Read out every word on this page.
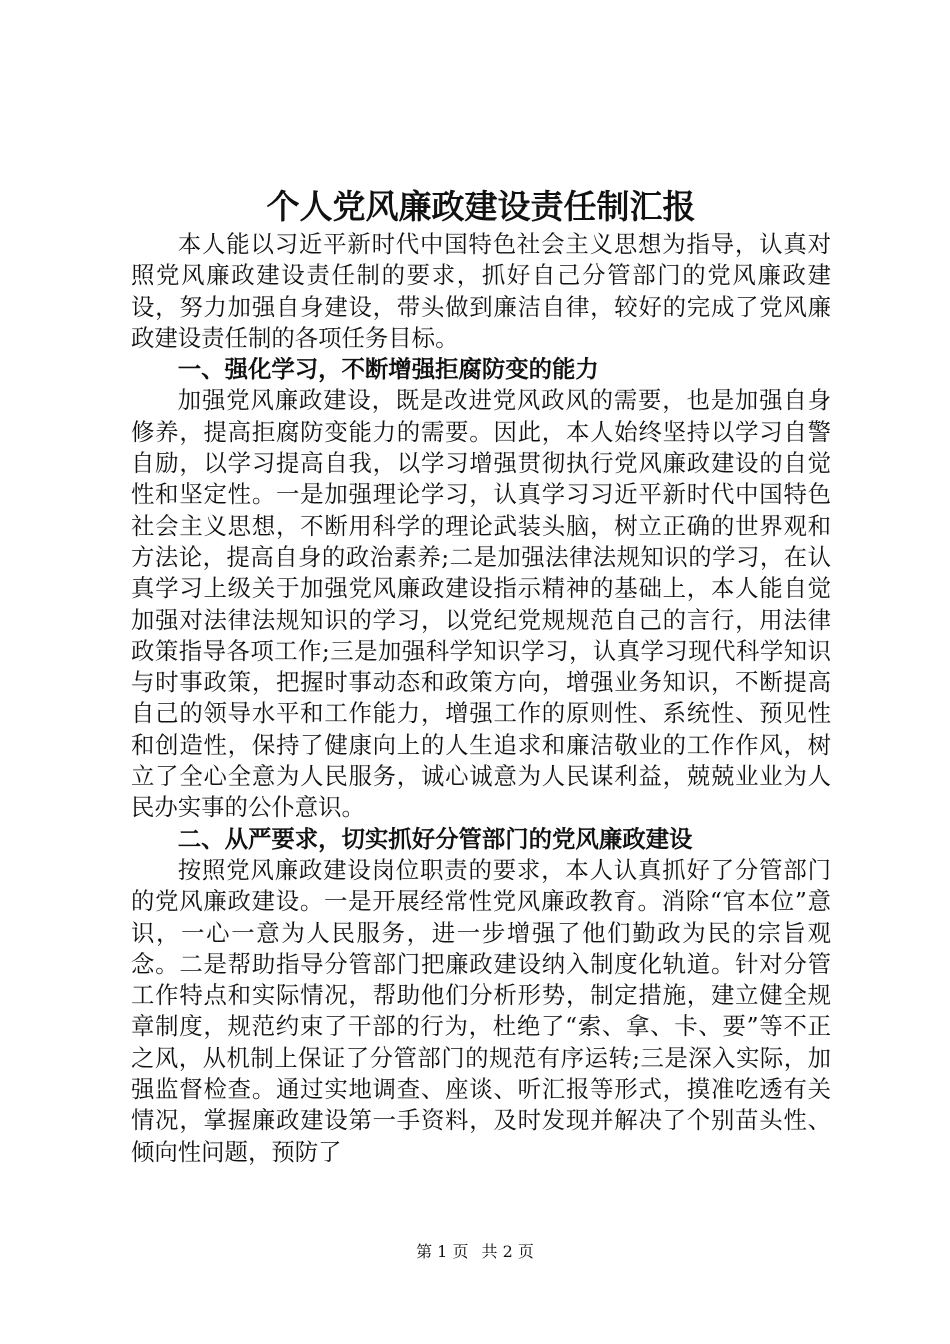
个人党风廉政建设责任制汇报

本人能以习近平新时代中国特色社会主义思想为指导，认真对照党风廉政建设责任制的要求，抓好自己分管部门的党风廉政建设，努力加强自身建设，带头做到廉洁自律，较好的完成了党风廉政建设责任制的各项任务目标。

一、强化学习，不断增强拒腐防变的能力

加强党风廉政建设，既是改进党风政风的需要，也是加强自身修养，提高拒腐防变能力的需要。因此，本人始终坚持以学习自警自励，以学习提高自我，以学习增强贯彻执行党风廉政建设的自觉性和坚定性。一是加强理论学习，认真学习习近平新时代中国特色社会主义思想，不断用科学的理论武装头脑，树立正确的世界观和方法论，提高自身的政治素养;二是加强法律法规知识的学习，在认真学习上级关于加强党风廉政建设指示精神的基础上，本人能自觉加强对法律法规知识的学习，以党纪党规规范自己的言行，用法律政策指导各项工作;三是加强科学知识学习，认真学习现代科学知识与时事政策，把握时事动态和政策方向，增强业务知识，不断提高自己的领导水平和工作能力，增强工作的原则性、系统性、预见性和创造性，保持了健康向上的人生追求和廉洁敬业的工作作风，树立了全心全意为人民服务，诚心诚意为人民谋利益，兢兢业业为人民办实事的公仆意识。

二、从严要求，切实抓好分管部门的党风廉政建设

按照党风廉政建设岗位职责的要求，本人认真抓好了分管部门的党风廉政建设。一是开展经常性党风廉政教育。消除“官本位”意识，一心一意为人民服务，进一步增强了他们勤政为民的宗旨观念。二是帮助指导分管部门把廉政建设纳入制度化轨道。针对分管工作特点和实际情况，帮助他们分析形势，制定措施，建立健全规章制度，规范约束了干部的行为，杜绝了“索、拿、卡、要”等不正之风，从机制上保证了分管部门的规范有序运转;三是深入实际，加强监督检查。通过实地调查、座谈、听汇报等形式，摸准吃透有关情况，掌握廉政建设第一手资料，及时发现并解决了个别苗头性、倾向性问题，预防了

第 1 页 共 2 页
